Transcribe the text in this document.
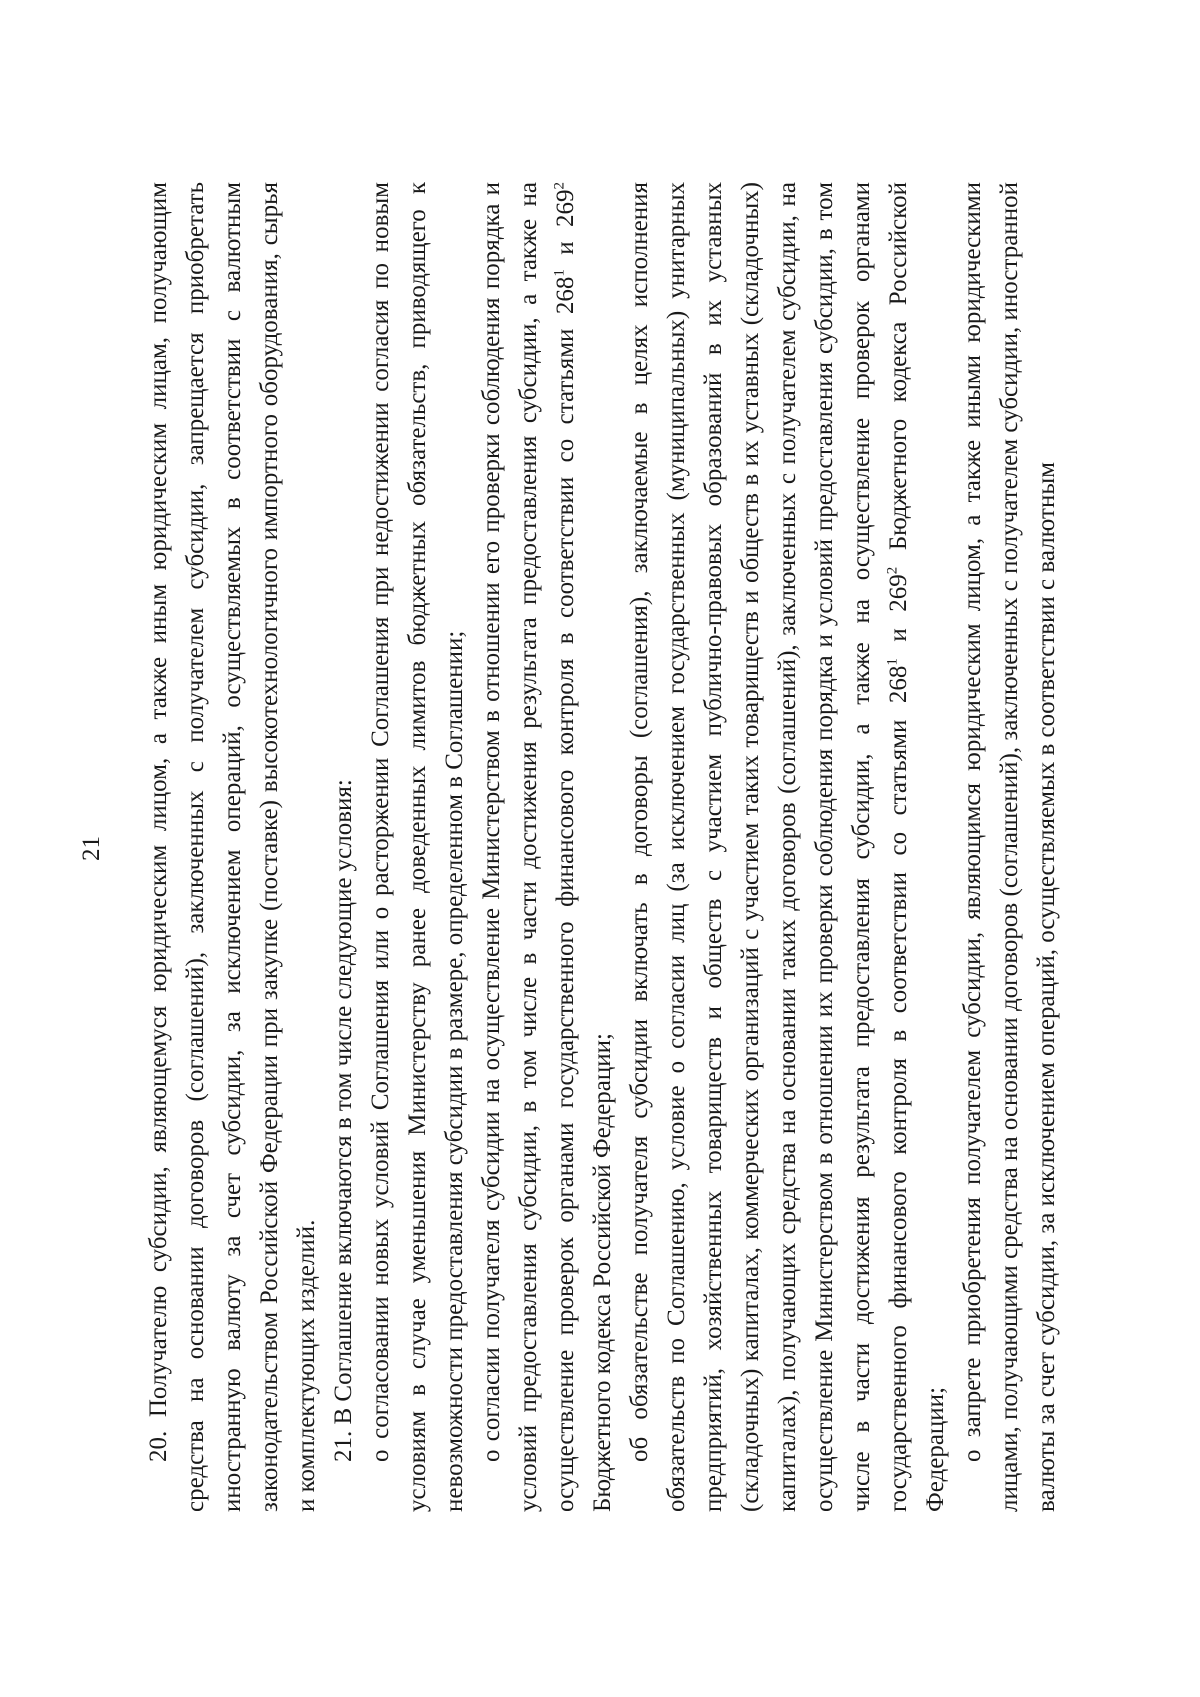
21 20. Получателю субсидии, являющемуся юридическим лицом, а также иным юридическим лицам, получающим средства на основании договоров (соглашений), заключенных с получателем субсидии, запрещается приобретать иностранную валюту за счет субсидии, за исключением операций, осуществляемых в соответствии с валютным законодательством Российской Федерации при закупке (поставке) высокотехнологичного импортного оборудования, сырья и комплектующих изделий. 21. В Соглашение включаются в том числе следующие условия: о согласовании новых условий Соглашения или о расторжении Соглашения при недостижении согласия по новым условиям в случае уменьшения Министерству ранее доведенных лимитов бюджетных обязательств, приводящего к невозможности предоставления субсидии в размере, определенном в Соглашении; о согласии получателя субсидии на осуществление Министерством в отношении его проверки соблюдения порядка и условий предоставления субсидии, в том числе в части достижения результата предоставления субсидии, а также на осуществление проверок органами государственного финансового контроля в соответствии со статьями $268^1$ и $269^2$ Бюджетного кодекса Российской Федерации; об обязательстве получателя субсидии включать в договоры (соглашения), заключаемые в целях исполнения обязательств по Соглашению, условие о согласии лиц (за исключением государственных (муниципальных) унитарных предприятий, хозяйственных товариществ и обществ с участием публично-правовых образований в их уставных (складочных) капиталах, коммерческих организаций с участием таких товариществ и обществ в их уставных (складочных) капиталах), получающих средства на основании таких договоров (соглашений), заключенных с получателем субсидии, на осуществление Министерством в отношении их проверки соблюдения порядка и условий предоставления субсидии, в том числе в части достижения результата предоставления субсидии, а также на осуществление проверок органами государственного финансового контроля в соответствии со статьями $268^1$ и $269^2$ Бюджетного кодекса Российской Федерации; о запрете приобретения получателем субсидии, являющимся юридическим лицом, а также иными юридическими лицами, получающими средства на основании договоров (соглашений), заключенных с получателем субсидии, иностранной валюты за счет субсидии, за исключением операций, осуществляемых в соответствии с валютным
